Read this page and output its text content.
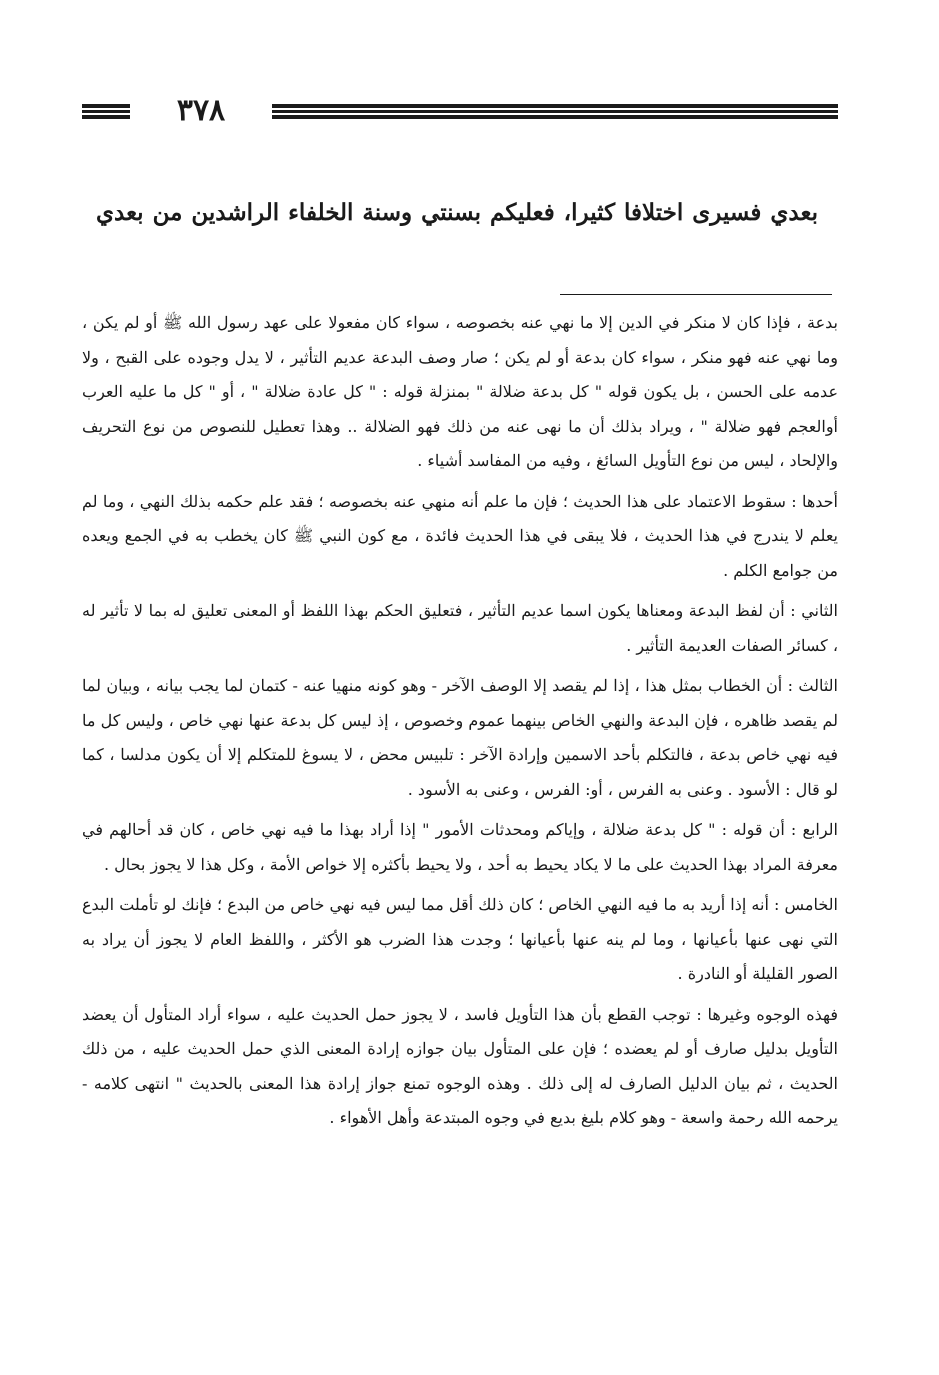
٣٧٨
بعدي فسيرى اختلافا كثيرا، فعليكم بسنتي وسنة الخلفاء الراشدين من بعدي

بدعة ، فإذا كان لا منكر في الدين إلا ما نهي عنه بخصوصه ، سواء كان مفعولا على عهد رسول الله ﷺ أو لم يكن ، وما نهي عنه فهو منكر ، سواء كان بدعة أو لم يكن ؛ صار وصف البدعة عديم التأثير ، لا يدل وجوده على القبح ، ولا عدمه على الحسن ، بل يكون قوله " كل بدعة ضلالة " بمنزلة قوله : " كل عادة ضلالة " ، أو " كل ما عليه العرب أوالعجم فهو ضلالة " ، ويراد بذلك أن ما نهى عنه من ذلك فهو الضلالة .. وهذا تعطيل للنصوص من نوع التحريف والإلحاد ، ليس من نوع التأويل السائغ ، وفيه من المفاسد أشياء .

أحدها : سقوط الاعتماد على هذا الحديث ؛ فإن ما علم أنه منهي عنه بخصوصه ؛ فقد علم حكمه بذلك النهي ، وما لم يعلم لا يندرج في هذا الحديث ، فلا يبقى في هذا الحديث فائدة ، مع كون النبي ﷺ كان يخطب به في الجمع ويعده من جوامع الكلم .

الثاني : أن لفظ البدعة ومعناها يكون اسما عديم التأثير ، فتعليق الحكم بهذا اللفظ أو المعنى تعليق له بما لا تأثير له ، كسائر الصفات العديمة التأثير .

الثالث : أن الخطاب بمثل هذا ، إذا لم يقصد إلا الوصف الآخر - وهو كونه منهيا عنه - كتمان لما يجب بيانه ، وبيان لما لم يقصد ظاهره ، فإن البدعة والنهي الخاص بينهما عموم وخصوص ، إذ ليس كل بدعة عنها نهي خاص ، وليس كل ما فيه نهي خاص بدعة ، فالتكلم بأحد الاسمين وإرادة الآخر : تلبيس محض ، لا يسوغ للمتكلم إلا أن يكون مدلسا ، كما لو قال : الأسود . وعنى به الفرس ، أو: الفرس ، وعنى به الأسود .

الرابع : أن قوله : " كل بدعة ضلالة ، وإياكم ومحدثات الأمور " إذا أراد بهذا ما فيه نهي خاص ، كان قد أحالهم في معرفة المراد بهذا الحديث على ما لا يكاد يحيط به أحد ، ولا يحيط بأكثره إلا خواص الأمة ، وكل هذا لا يجوز بحال .

الخامس : أنه إذا أريد به ما فيه النهي الخاص ؛ كان ذلك أقل مما ليس فيه نهي خاص من البدع ؛ فإنك لو تأملت البدع التي نهى عنها بأعيانها ، وما لم ينه عنها بأعيانها ؛ وجدت هذا الضرب هو الأكثر ، واللفظ العام لا يجوز أن يراد به الصور القليلة أو النادرة .

فهذه الوجوه وغيرها : توجب القطع بأن هذا التأويل فاسد ، لا يجوز حمل الحديث عليه ، سواء أراد المتأول أن يعضد التأويل بدليل صارف أو لم يعضده ؛ فإن على المتأول بيان جوازه إرادة المعنى الذي حمل الحديث عليه ، من ذلك الحديث ، ثم بيان الدليل الصارف له إلى ذلك . وهذه الوجوه تمنع جواز إرادة هذا المعنى بالحديث " انتهى كلامه - يرحمه الله رحمة واسعة - وهو كلام بليغ بديع في وجوه المبتدعة وأهل الأهواء .
